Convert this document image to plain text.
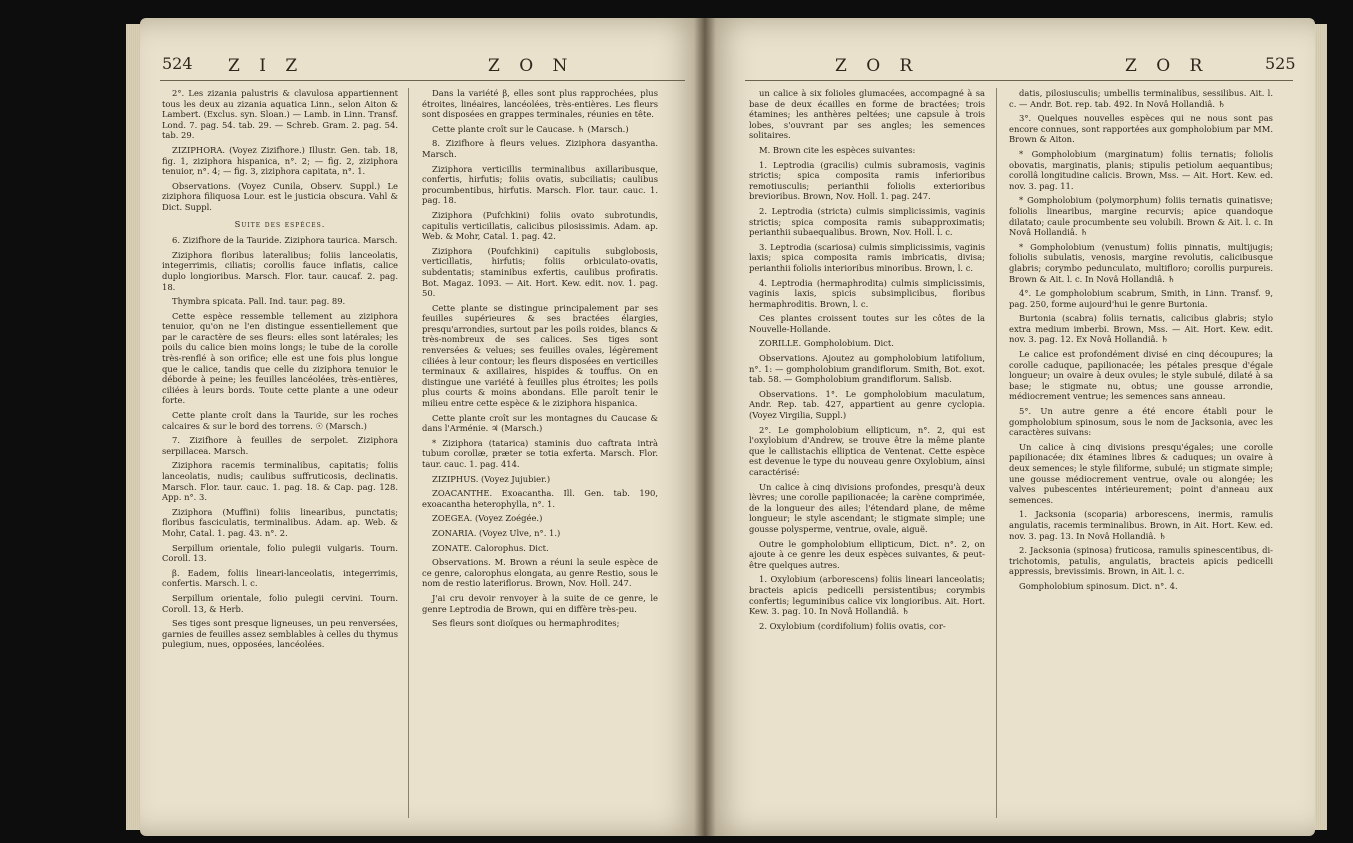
524 Z I Z	Z O N

2°. Les zizania palustris & clavulosa appartiennent tous les deux au zizania aquatica Linn., selon Aiton & Lambert. (Exclus. syn. Sloan.) — Lamb. in Linn. Transf. Lond. 7. pag. 54. tab. 29. — Schreb. Gram. 2. pag. 54. tab. 29.

ZIZIPHORA. (Voyez Zizifhore.) Illustr. Gen. tab. 18, fig. 1, ziziphora hispanica, n°. 2; — fig. 2, ziziphora tenuior, n°. 4; — fig. 3, ziziphora capitata, n°. 1.

Observations. (Voyez Cunila, Observ. Suppl.) Le ziziphora filiquosa Lour. est le justicia obscura. Vahl & Dict. Suppl.

Suite des espèces.

6. Zizifhore de la Tauride. Ziziphora taurica. Marsch.

Ziziphora floribus lateralibus; foliis lanceolatis, integerrimis, ciliatis; corollis fauce inflatis, calice duplo longioribus. Marsch. Flor. taur. caucaf. 2. pag. 18.

Thymbra spicata. Pall. Ind. taur. pag. 89.

Cette espèce ressemble tellement au ziziphora tenuior, qu'on ne l'en distingue essentiellement que par le caractère de ses fleurs: elles sont latérales; les poils du calice bien moins longs; le tube de la corolle très-renflé à son orifice; elle est une fois plus longue que le calice, tandis que celle du ziziphora tenuior le déborde à peine; les feuilles lancéolées, très-entières, ciliées à leurs bords. Toute cette plante a une odeur forte.

Cette plante croît dans la Tauride, sur les roches calcaires & sur le bord des torrens. ☉ (Marsch.)

7. Zizifhore à feuilles de serpolet. Ziziphora serpillacea. Marsch.

Ziziphora racemis terminalibus, capitatis; foliis lanceolatis, nudis; caulibus suffruticosis, declinatis. Marsch. Flor. taur. cauc. 1. pag. 18. & Cap. pag. 128. App. n°. 3.

Ziziphora (Muffini) foliis linearibus, punctatis; floribus fasciculatis, terminalibus. Adam. ap. Web. & Mohr, Catal. 1. pag. 43. n°. 2.

Serpillum orientale, folio pulegii vulgaris. Tourn. Coroll. 13.

β. Eadem, foliis lineari-lanceolatis, integerrimis, confertis. Marsch. l. c.

Serpillum orientale, folio pulegii cervini. Tourn. Coroll. 13, & Herb.

Ses tiges sont presque ligneuses, un peu renversées, garnies de feuilles assez semblables à celles du thymus pulegium, nues, opposées, lancéolées.

Dans la variété β, elles sont plus rapprochées, plus étroites, linéaires, lancéolées, très-entières. Les fleurs sont disposées en grappes terminales, réunies en tête.

Cette plante croît sur le Caucase. ♄ (Marsch.)

8. Zizifhore à fleurs velues. Ziziphora dasyantha. Marsch.

Ziziphora verticillis terminalibus axillaribusque, confertis, hirfutis; foliis ovatis, subciliatis; caulibus procumbentibus, hirfutis. Marsch. Flor. taur. cauc. 1. pag. 18.

Ziziphora (Pufchkini) foliis ovato subrotundis, capitulis verticillatis, calicibus pilosissimis. Adam. ap. Web. & Mohr, Catal. 1. pag. 42.

Ziziphora (Poufchkini) capitulis subglobosis, verticillatis, hirfutis; foliis orbiculato-ovatis, subdentatis; staminibus exfertis, caulibus profiratis. Bot. Magaz. 1093. — Ait. Hort. Kew. edit. nov. 1. pag. 50.

Cette plante se distingue principalement par ses feuilles supérieures & ses bractées élargies, presqu'arrondies, surtout par les poils roides, blancs & très-nombreux de ses calices. Ses tiges sont renversées & velues; ses feuilles ovales, légèrement ciliées à leur contour; les fleurs disposées en verticilles terminaux & axillaires, hispides & touffus. On en distingue une variété à feuilles plus étroites; les poils plus courts & moins abondans. Elle paroît tenir le milieu entre cette espèce & le ziziphora hispanica.

Cette plante croît sur les montagnes du Caucase & dans l'Arménie. ♃ (Marsch.)

* Ziziphora (tatarica) staminis duo caftrata intrà tubum corollæ, præter se totia exferta. Marsch. Flor. taur. cauc. 1. pag. 414.

ZIZIPHUS. (Voyez Jujubier.)

ZOACANTHE. Exoacantha. Ill. Gen. tab. 190, exoacantha heterophylla, n°. 1.

ZOEGEA. (Voyez Zoégée.)

ZONARIA. (Voyez Ulve, n°. 1.)

ZONATE. Calorophus. Dict.

Observations. M. Brown a réuni la seule espèce de ce genre, calorophus elongata, au genre Restio, sous le nom de restio lateriflorus. Brown, Nov. Holl. 247.

J'ai cru devoir renvoyer à la suite de ce genre, le genre Leptrodia de Brown, qui en diffère très-peu.

Ses fleurs sont dioïques ou hermaphrodites;

Z O R	Z O R	525

un calice à six folioles glumacées, accompagné à sa base de deux écailles en forme de bractées; trois étamines; les anthères peltées; une capsule à trois lobes, s'ouvrant par ses angles; les semences solitaires.

M. Brown cite les espèces suivantes:

1. Leptrodia (gracilis) culmis subramosis, vaginis strictis; spica composita ramis inferioribus remotiusculis; perianthii foliolis exterioribus brevioribus. Brown, Nov. Holl. 1. pag. 247.

2. Leptrodia (stricta) culmis simplicissimis, vaginis strictis; spica composita ramis subapproximatis; perianthii subaequalibus. Brown, Nov. Holl. l. c.

3. Leptrodia (scariosa) culmis simplicissimis, vaginis laxis; spica composita ramis imbricatis, divisa; perianthii foliolis interioribus minoribus. Brown, l. c.

4. Leptrodia (hermaphrodita) culmis simplicissimis, vaginis laxis, spicis subsimplicibus, floribus hermaphroditis. Brown, l. c.

Ces plantes croissent toutes sur les côtes de la Nouvelle-Hollande.

ZORILLE. Gompholobium. Dict.

Observations. Ajoutez au gompholobium latifolium, n°. 1: — gompholobium grandiflorum. Smith, Bot. exot. tab. 58. — Gompholobium grandiflorum. Salisb.

Observations. 1°. Le gompholobium maculatum, Andr. Rep. tab. 427, appartient au genre cyclopia. (Voyez Virgilia, Suppl.)

2°. Le gompholobium ellipticum, n°. 2, qui est l'oxylobium d'Andrew, se trouve être la même plante que le callistachis elliptica de Ventenat. Cette espèce est devenue le type du nouveau genre Oxylobium, ainsi caractérisé:

Un calice à cinq divisions profondes, presqu'à deux lèvres; une corolle papilionacée; la carène comprimée, de la longueur des ailes; l'étendard plane, de même longueur; le style ascendant; le stigmate simple; une gousse polysperme, ventrue, ovale, aiguë.

Outre le gompholobium ellipticum, Dict. n°. 2, on ajoute à ce genre les deux espèces suivantes, & peut-être quelques autres.

1. Oxylobium (arborescens) foliis lineari lanceolatis; bracteis apicis pedicelli persistentibus; corymbis confertis; leguminibus calice vix longioribus. Ait. Hort. Kew. 3. pag. 10. In Novâ Hollandiâ. ♄

2. Oxylobium (cordifolium) foliis ovatis, cor-

datis, pilosiusculis; umbellis terminalibus, sessilibus. Ait. l. c. — Andr. Bot. rep. tab. 492. In Novâ Hollandiâ. ♄

3°. Quelques nouvelles espèces qui ne nous sont pas encore connues, sont rapportées aux gompholobium par MM. Brown & Aiton.

* Gompholobium (marginatum) foliis ternatis; foliolis obovatis, marginatis, planis; stipulis petiolum aequantibus; corollâ longitudine calicis. Brown, Mss. — Ait. Hort. Kew. ed. nov. 3. pag. 11.

* Gompholobium (polymorphum) foliis ternatis quinatisve; foliolis linearibus, margine recurvis; apice quandoque dilatato; caule procumbente seu volubili. Brown & Ait. l. c. In Novâ Hollandiâ. ♄

* Gompholobium (venustum) foliis pinnatis, multijugis; foliolis subulatis, venosis, margine revolutis, calicibusque glabris; corymbo pedunculato, multifloro; corollis purpureis. Brown & Ait. l. c. In Novâ Hollandiâ. ♄

4°. Le gompholobium scabrum, Smith, in Linn. Transf. 9, pag. 250, forme aujourd'hui le genre Burtonia.

Burtonia (scabra) foliis ternatis, calicibus glabris; stylo extra medium imberbi. Brown, Mss. — Ait. Hort. Kew. edit. nov. 3. pag. 12. Ex Novâ Hollandiâ. ♄

Le calice est profondément divisé en cinq découpures; la corolle caduque, papilionacée; les pétales presque d'égale longueur; un ovaire à deux ovules; le style subulé, dilaté à sa base; le stigmate nu, obtus; une gousse arrondie, médiocrement ventrue; les semences sans anneau.

5°. Un autre genre a été encore établi pour le gompholobium spinosum, sous le nom de Jacksonia, avec les caractères suivans:

Un calice à cinq divisions presqu'égales; une corolle papilionacée; dix étamines libres & caduques; un ovaire à deux semences; le style filiforme, subulé; un stigmate simple; une gousse médiocrement ventrue, ovale ou alongée; les valves pubescentes intérieurement; point d'anneau aux semences.

1. Jacksonia (scoparia) arborescens, inermis, ramulis angulatis, racemis terminalibus. Brown, in Ait. Hort. Kew. ed. nov. 3. pag. 13. In Novâ Hollandiâ. ♄

2. Jacksonia (spinosa) fruticosa, ramulis spinescentibus, di-trichotomis, patulis, angulatis, bracteis apicis pedicelli appressis, brevissimis. Brown, in Ait. l. c.

Gompholobium spinosum. Dict. n°. 4.
